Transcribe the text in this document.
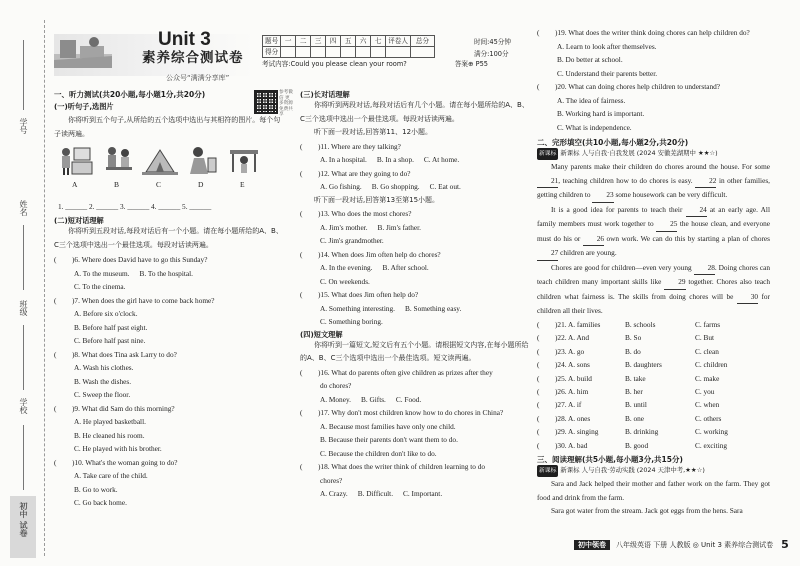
学号
姓名
班级
学校
初中 试卷
Unit 3
素养综合测试卷
公众号“满满分享库”
题号	一	二	三	四	五	六	七	评卷人	总分
得分									
时间:45分钟
满分:100分
考试内容:Could you please clean your room?	答案⊕ P55
参考微信 更多资源 免费共享
一、听力测试(共20小题,每小题1分,共20分)
(一)听句子,选图片
你将听到五个句子,从所给的五个选项中选出与其相符的图片。每个句子读两遍。
A	B	C	D	E
1. ______ 2. ______ 3. ______ 4. ______ 5. ______
(二)短对话理解
你将听到五段对话,每段对话后有一个小题。请在每小题所给的A、B、C三个选项中选出一个最佳选项。每段对话读两遍。
( )6. Where does David have to go this Sunday?
A. To the museum. B. To the hospital.
C. To the cinema.
( )7. When does the girl have to come back home?
A. Before six o'clock.
B. Before half past eight.
C. Before half past nine.
( )8. What does Tina ask Larry to do?
A. Wash his clothes.
B. Wash the dishes.
C. Sweep the floor.
( )9. What did Sam do this morning?
A. He played basketball.
B. He cleaned his room.
C. He played with his brother.
( )10. What's the woman going to do?
A. Take care of the child.
B. Go to work.
C. Go back home.
(三)长对话理解
你将听到两段对话,每段对话后有几个小题。请在每小题所给的A、B、C三个选项中选出一个最佳选项。每段对话读两遍。
听下面一段对话,回答第11、12小题。
( )11. Where are they talking?
A. In a hospital. B. In a shop. C. At home.
( )12. What are they going to do?
A. Go fishing. B. Go shopping. C. Eat out.
听下面一段对话,回答第13至第15小题。
( )13. Who does the most chores?
A. Jim's mother. B. Jim's father.
C. Jim's grandmother.
( )14. When does Jim often help do chores?
A. In the evening. B. After school.
C. On weekends.
( )15. What does Jim often help do?
A. Something interesting. B. Something easy.
C. Something boring.
(四)短文理解
你将听到一篇短文,短文后有五个小题。请根据短文内容,在每小题所给的A、B、C三个选项中选出一个最佳选项。短文读两遍。
( )16. What do parents often give children as prizes after they
do chores?
A. Money. B. Gifts. C. Food.
( )17. Why don't most children know how to do chores in China?
A. Because most families have only one child.
B. Because their parents don't want them to do.
C. Because the children don't like to do.
( )18. What does the writer think of children learning to do
chores?
A. Crazy. B. Difficult. C. Important.
( )19. What does the writer think doing chores can help children do?
A. Learn to look after themselves.
B. Do better at school.
C. Understand their parents better.
( )20. What can doing chores help children to understand?
A. The idea of fairness.
B. Working hard is important.
C. What is independence.
二、完形填空(共10小题,每小题2分,共20分)
新课标 新课标 人与自我·自我发展 (2024 安徽芜湖期中 ★★☆)
Many parents make their children do chores around the house. For some 21, teaching children how to do chores is easy. 22 in other families, getting children to 23 some housework can be very difficult.
It is a good idea for parents to teach their 24 at an early age. All family members must work together to 25 the house clean, and everyone must do his or 26 own work. We can do this by starting a plan of chores 27 children are young.
Chores are good for children—even very young 28. Doing chores can teach children many important skills like 29 together. Chores also teach children what fairness is. The skills from doing chores will be 30 for children all their lives.
(	)21. A. families	B. schools	C. farms
(	)22. A. And	B. So	C. But
(	)23. A. go	B. do	C. clean
(	)24. A. sons	B. daughters	C. children
(	)25. A. build	B. take	C. make
(	)26. A. him	B. her	C. you
(	)27. A. if	B. until	C. when
(	)28. A. ones	B. one	C. others
(	)29. A. singing	B. drinking	C. working
(	)30. A. bad	B. good	C. exciting
三、阅读理解(共5小题,每小题3分,共15分)
新课标 新课标 人与自我·劳动实践 (2024 天津中考,★★☆)
Sara and Jack helped their mother and father work on the farm. They got food and drink from the farm.
Sara got water from the stream. Jack got eggs from the hens. Sara
初中领卷	八年级英语 下册 人教版 ◎ Unit 3 素养综合测试卷 5
